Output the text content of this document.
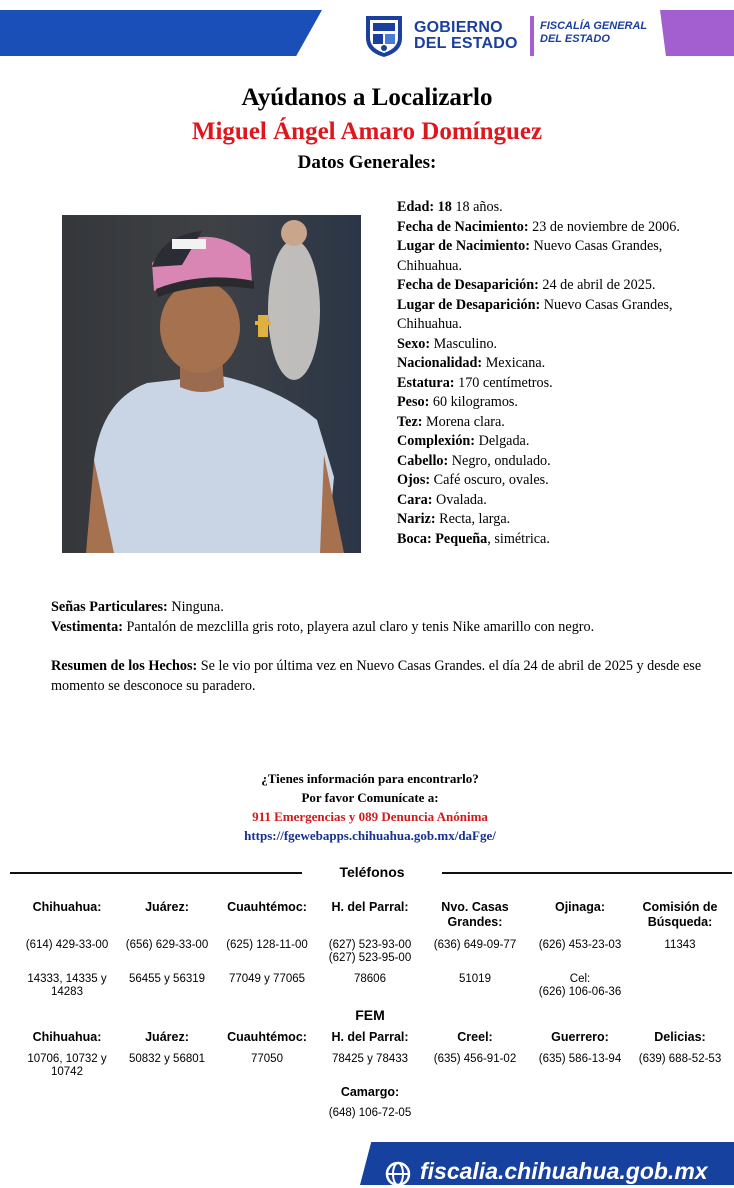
GOBIERNO
DEL ESTADO
FISCALÍA GENERAL
DEL ESTADO
Ayúdanos a Localizarlo
Miguel Ángel Amaro Domínguez
Datos Generales:
Edad: 18 18 años.
Fecha de Nacimiento: 23 de noviembre de 2006.
Lugar de Nacimiento: Nuevo Casas Grandes, Chihuahua.
Fecha de Desaparición: 24 de abril de 2025.
Lugar de Desaparición: Nuevo Casas Grandes, Chihuahua.
Sexo: Masculino.
Nacionalidad: Mexicana.
Estatura: 170 centímetros.
Peso: 60 kilogramos.
Tez: Morena clara.
Complexión: Delgada.
Cabello: Negro, ondulado.
Ojos: Café oscuro, ovales.
Cara: Ovalada.
Nariz: Recta, larga.
Boca: Pequeña, simétrica.
Señas Particulares: Ninguna.
Vestimenta: Pantalón de mezclilla gris roto, playera azul claro y tenis Nike amarillo con negro.
Resumen de los Hechos: Se le vio por última vez en Nuevo Casas Grandes. el día 24 de abril de 2025 y desde ese momento se desconoce su paradero.
¿Tienes información para encontrarlo?
Por favor Comunícate a:
911 Emergencias y 089 Denuncia Anónima
https://fgewebapps.chihuahua.gob.mx/daFge/
Teléfonos
Chihuahua:
(614) 429-33-00
14333, 14335 y 14283
Juárez:
(656) 629-33-00
56455 y 56319
Cuauhtémoc:
(625) 128-11-00
77049 y 77065
H. del Parral:
(627) 523-93-00
(627) 523-95-00
78606
Nvo. Casas Grandes:
(636) 649-09-77
51019
Ojinaga:
(626) 453-23-03
Cel:
(626) 106-06-36
Comisión de Búsqueda:
11343
FEM
Chihuahua:
10706, 10732 y 10742
Juárez:
50832 y 56801
Cuauhtémoc:
77050
H. del Parral:
78425 y 78433
Creel:
(635) 456-91-02
Guerrero:
(635) 586-13-94
Delicias:
(639) 688-52-53
Camargo:
(648) 106-72-05
fiscalia.chihuahua.gob.mx
